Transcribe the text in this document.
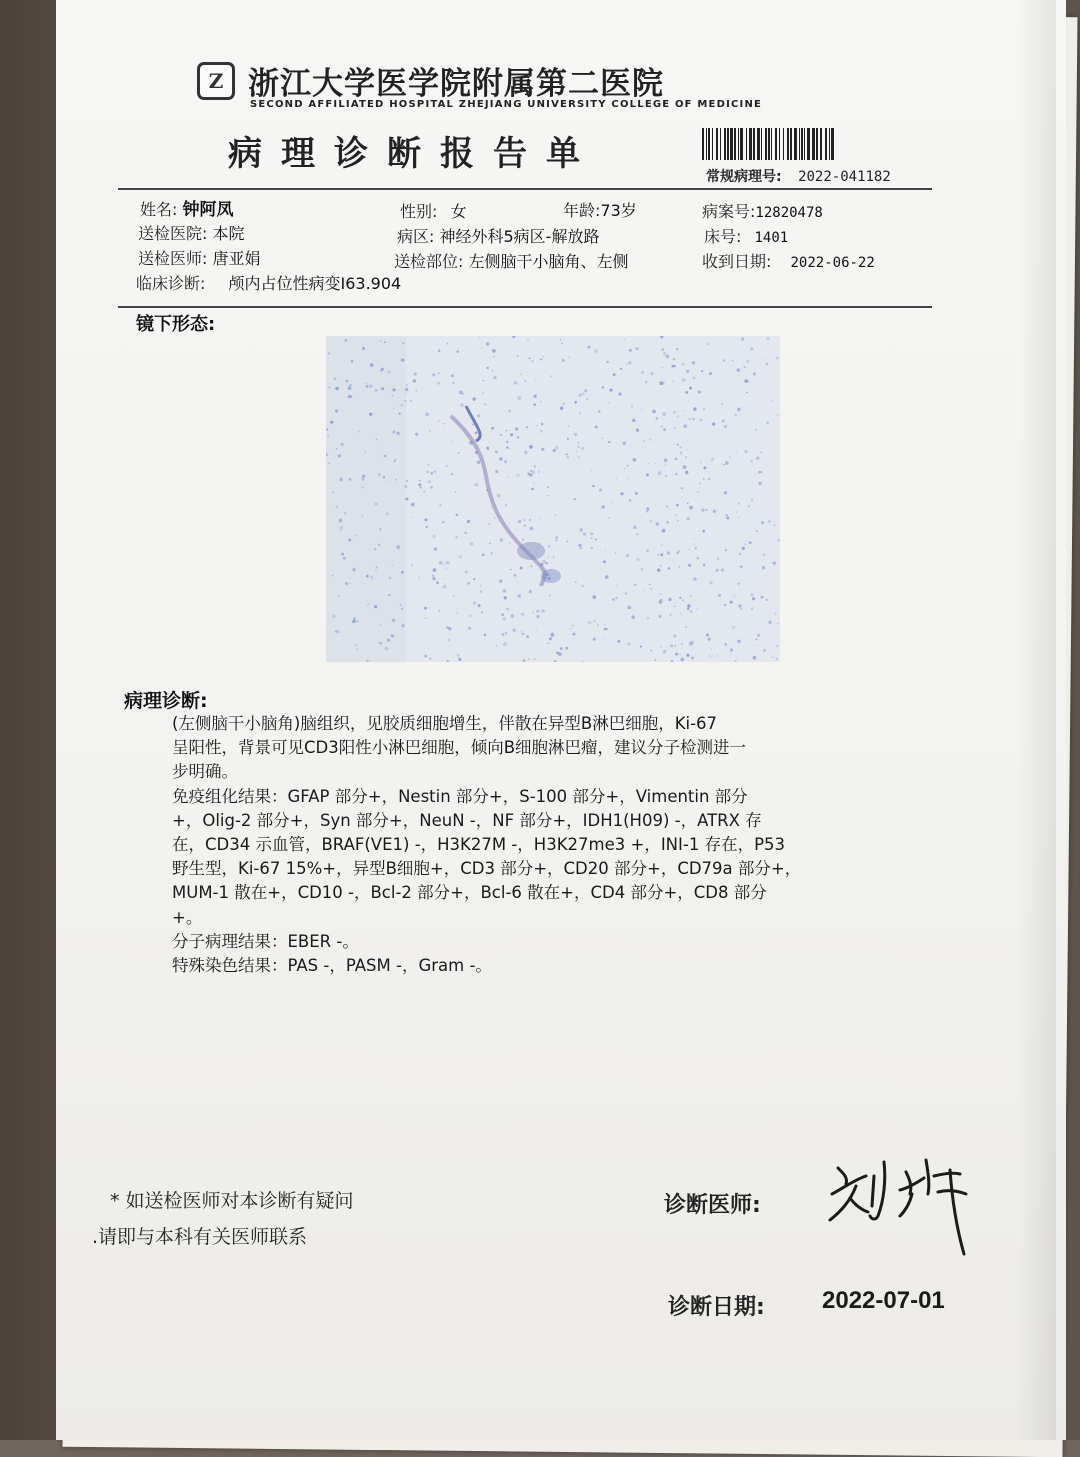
Z 浙江大学医学院附属第二医院
SECOND AFFILIATED HOSPITAL ZHEJIANG UNIVERSITY COLLEGE OF MEDICINE
病理诊断报告单
常规病理号: 2022-041182
姓名: 钟阿凤	性别: 女	年龄:73岁	病案号:12820478
送检医院: 本院	病区: 神经外科5病区-解放路	床号: 1401
送检医师: 唐亚娟	送检部位: 左侧脑干小脑角、左侧	收到日期: 2022-06-22
临床诊断: 颅内占位性病变I63.904
镜下形态:
病理诊断:

(左侧脑干小脑角)脑组织，见胶质细胞增生，伴散在异型B淋巴细胞，Ki-67

呈阳性，背景可见CD3阳性小淋巴细胞，倾向B细胞淋巴瘤，建议分子检测进一

步明确。

免疫组化结果：GFAP 部分+，Nestin 部分+，S-100 部分+，Vimentin 部分

+，Olig-2 部分+，Syn 部分+，NeuN -，NF 部分+，IDH1(H09) -，ATRX 存

在，CD34 示血管，BRAF(VE1) -，H3K27M -，H3K27me3 +，INI-1 存在，P53

野生型，Ki-67 15%+，异型B细胞+，CD3 部分+，CD20 部分+，CD79a 部分+，

MUM-1 散在+，CD10 -，Bcl-2 部分+，Bcl-6 散在+，CD4 部分+，CD8 部分

+。

分子病理结果：EBER -。

特殊染色结果：PAS -，PASM -，Gram -。

* 如送检医师对本诊断有疑问
.请即与本科有关医师联系
诊断医师:
诊断日期: 2022-07-01
